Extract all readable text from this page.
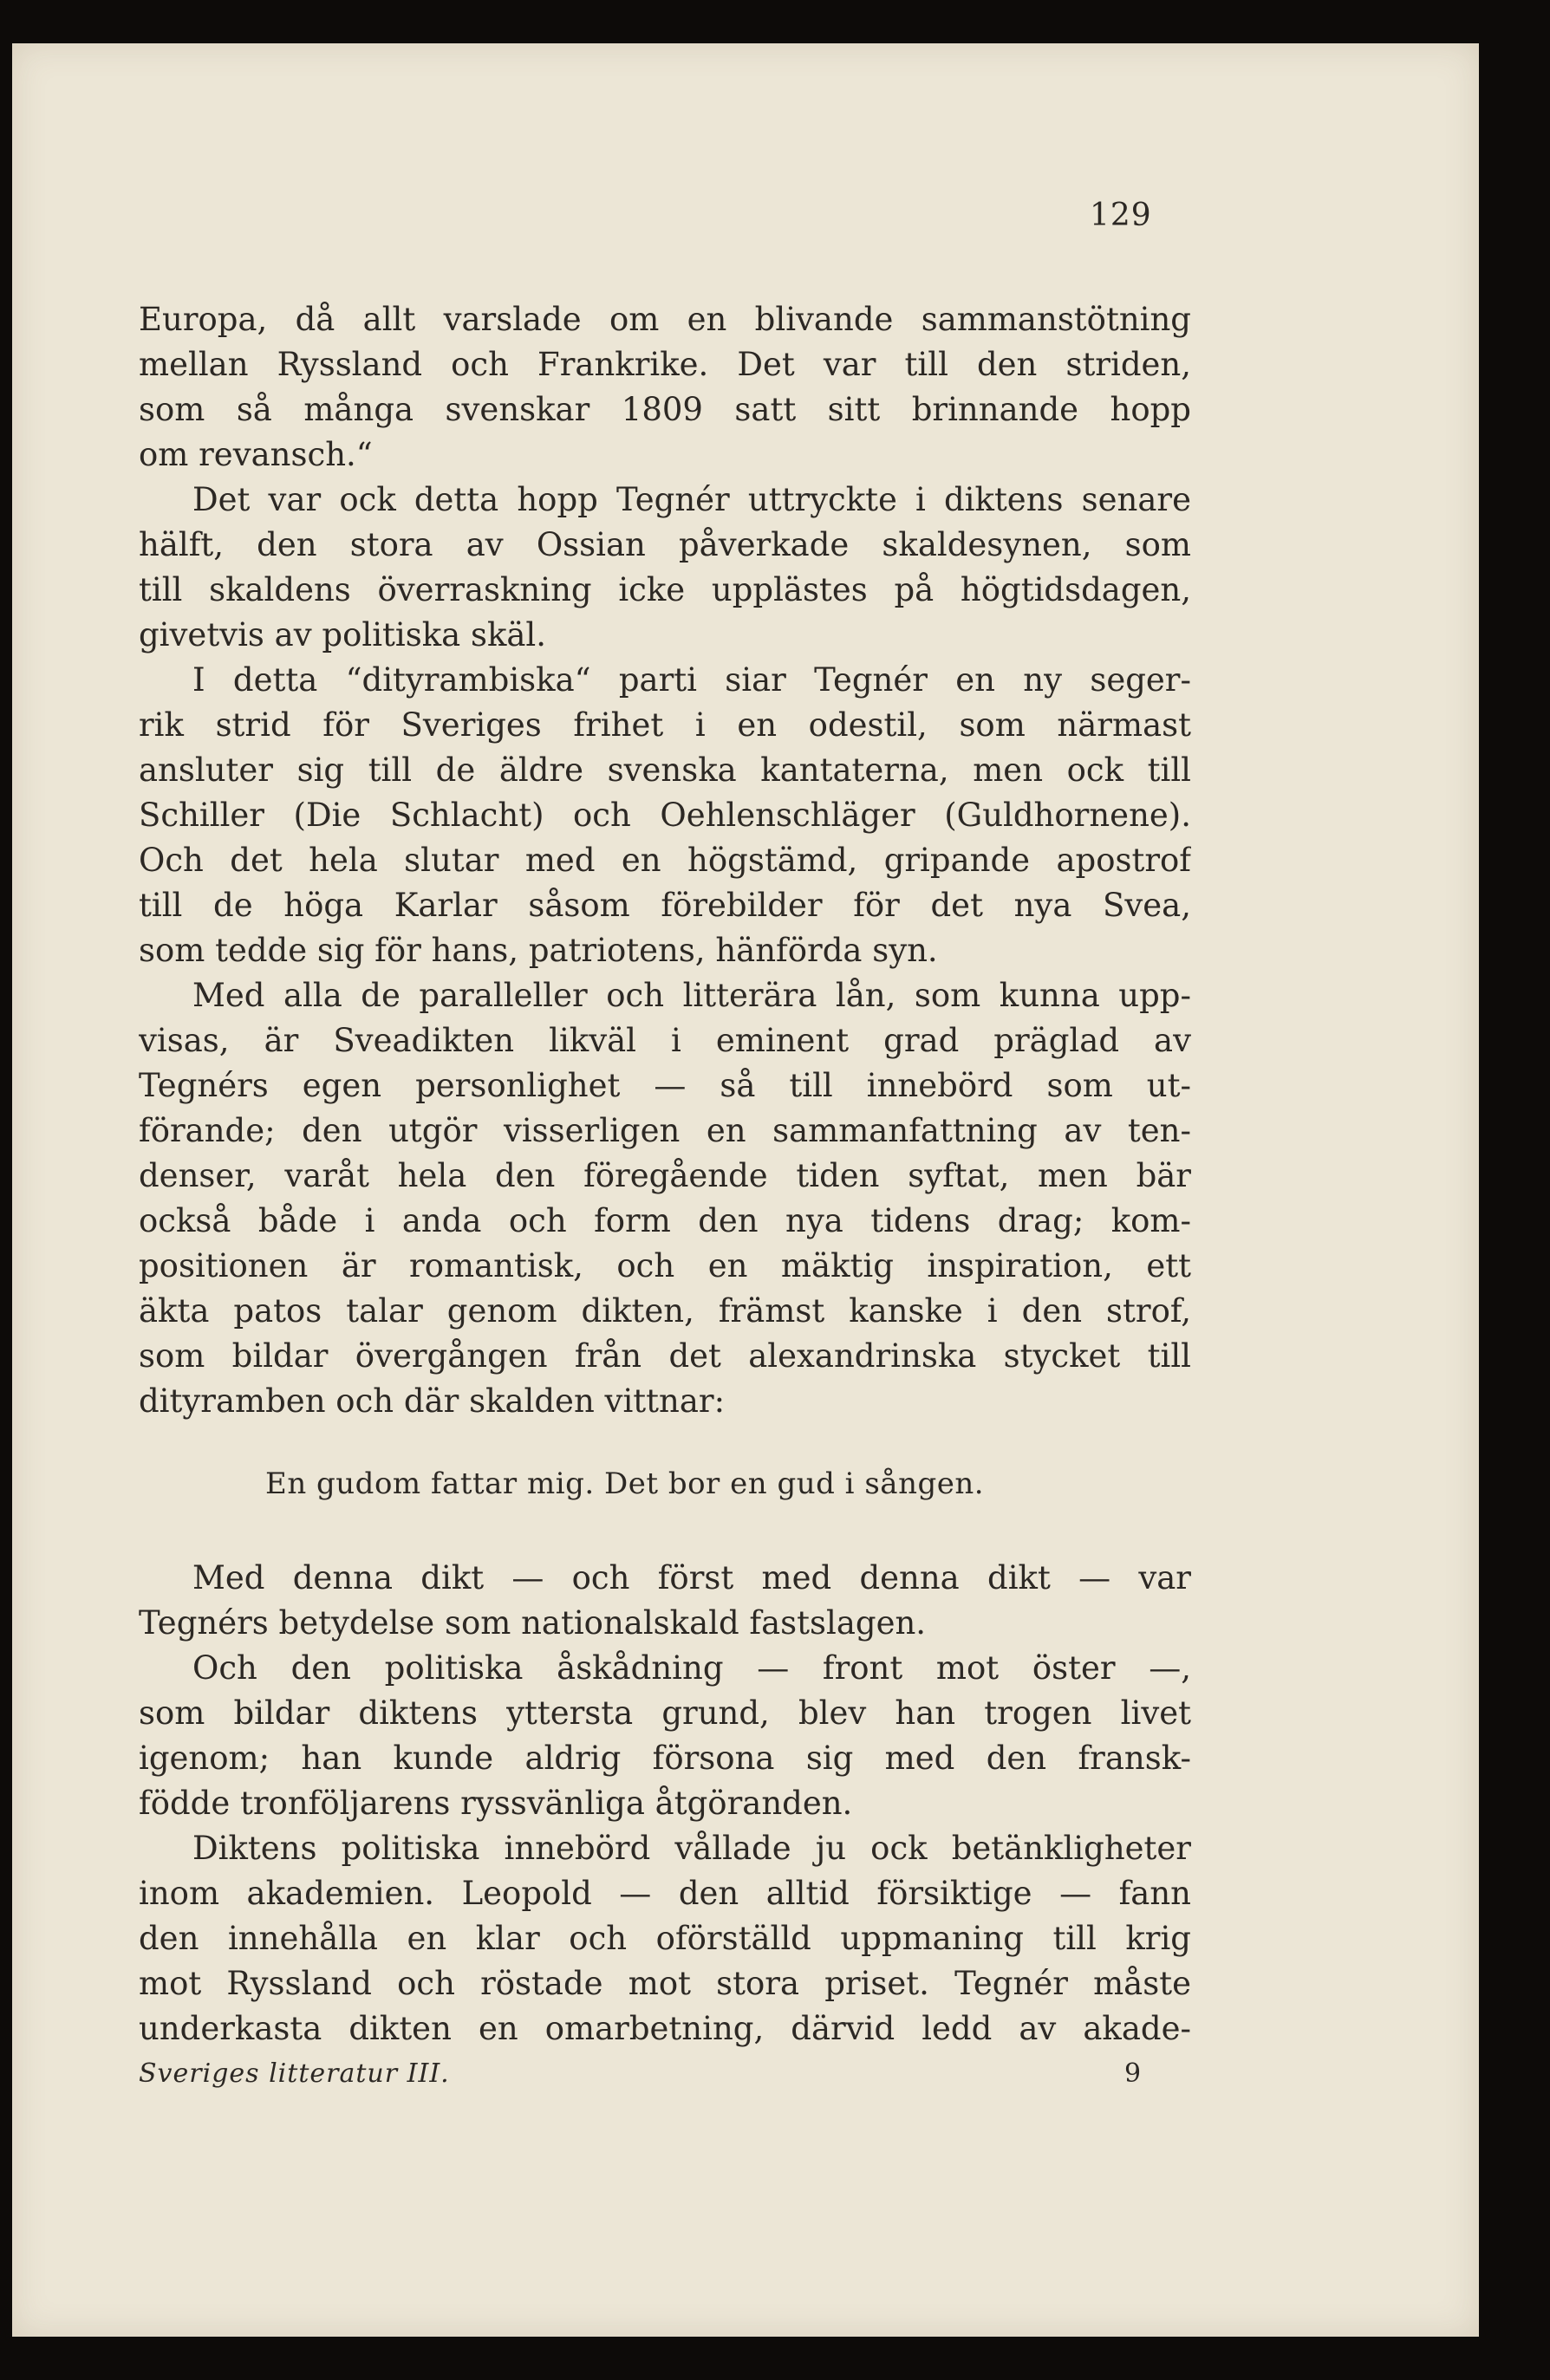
129
Europa, då allt varslade om en blivande sammanstötning
mellan Ryssland och Frankrike. Det var till den striden,
som så många svenskar 1809 satt sitt brinnande hopp
om revansch.“
Det var ock detta hopp Tegnér uttryckte i diktens senare
hälft, den stora av Ossian påverkade skaldesynen, som
till skaldens överraskning icke upplästes på högtidsdagen,
givetvis av politiska skäl.
I detta “dityrambiska“ parti siar Tegnér en ny seger-
rik strid för Sveriges frihet i en odestil, som närmast
ansluter sig till de äldre svenska kantaterna, men ock till
Schiller (Die Schlacht) och Oehlenschläger (Guldhornene).
Och det hela slutar med en högstämd, gripande apostrof
till de höga Karlar såsom förebilder för det nya Svea,
som tedde sig för hans, patriotens, hänförda syn.
Med alla de paralleller och litterära lån, som kunna upp-
visas, är Sveadikten likväl i eminent grad präglad av
Tegnérs egen personlighet — så till innebörd som ut-
förande; den utgör visserligen en sammanfattning av ten-
denser, varåt hela den föregående tiden syftat, men bär
också både i anda och form den nya tidens drag; kom-
positionen är romantisk, och en mäktig inspiration, ett
äkta patos talar genom dikten, främst kanske i den strof,
som bildar övergången från det alexandrinska stycket till
dityramben och där skalden vittnar:
En gudom fattar mig. Det bor en gud i sången.
Med denna dikt — och först med denna dikt — var
Tegnérs betydelse som nationalskald fastslagen.
Och den politiska åskådning — front mot öster —,
som bildar diktens yttersta grund, blev han trogen livet
igenom; han kunde aldrig försona sig med den fransk-
födde tronföljarens ryssvänliga åtgöranden.
Diktens politiska innebörd vållade ju ock betänkligheter
inom akademien. Leopold — den alltid försiktige — fann
den innehålla en klar och oförställd uppmaning till krig
mot Ryssland och röstade mot stora priset. Tegnér måste
underkasta dikten en omarbetning, därvid ledd av akade-
Sveriges litteratur III.	9
